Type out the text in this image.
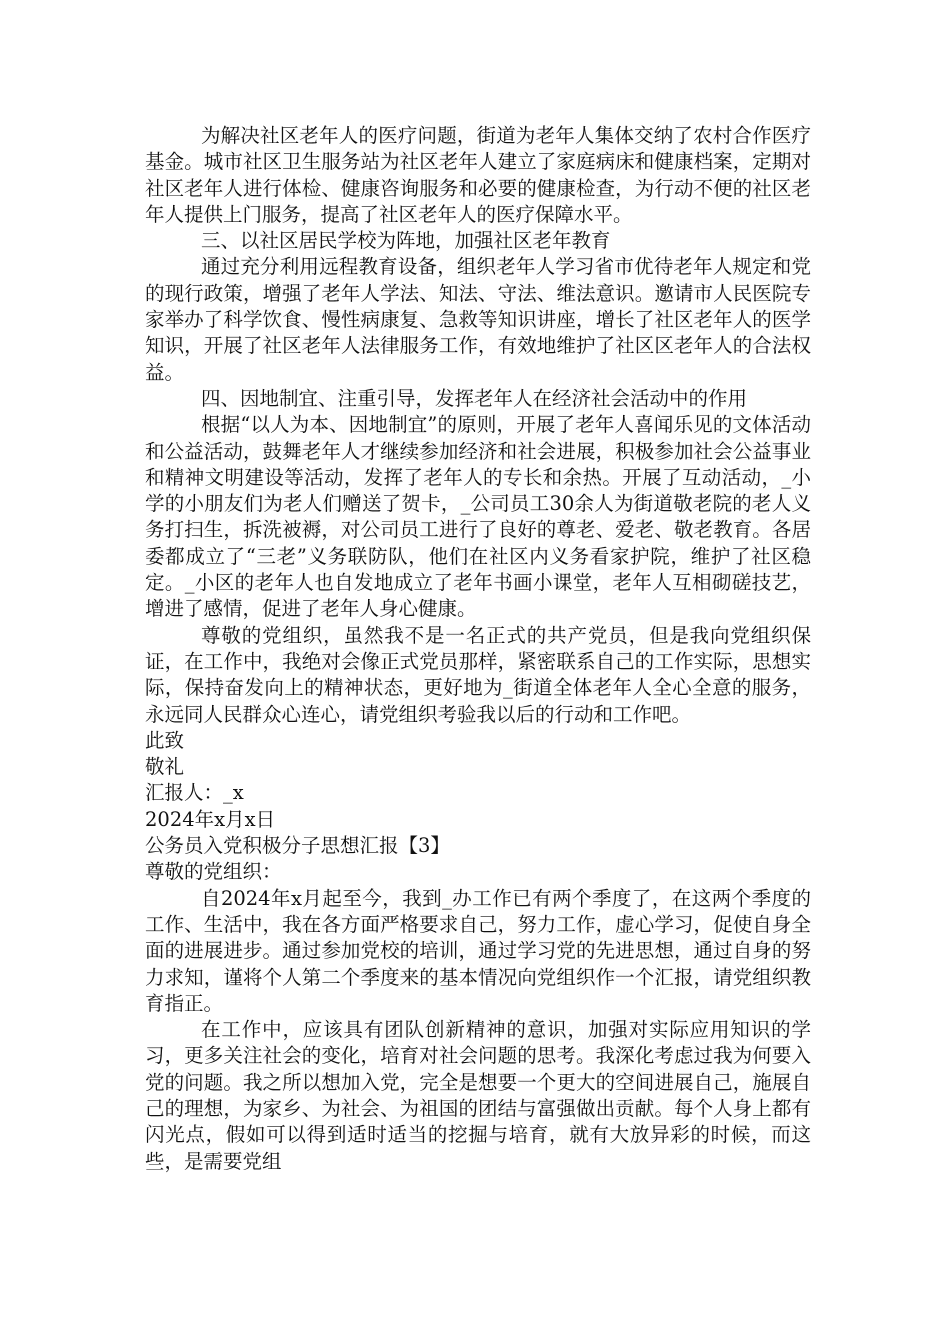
为解决社区老年人的医疗问题，街道为老年人集体交纳了农村合作医疗基金。城市社区卫生服务站为社区老年人建立了家庭病床和健康档案，定期对社区老年人进行体检、健康咨询服务和必要的健康检查，为行动不便的社区老年人提供上门服务，提高了社区老年人的医疗保障水平。

三、以社区居民学校为阵地，加强社区老年教育

通过充分利用远程教育设备，组织老年人学习省市优待老年人规定和党的现行政策，增强了老年人学法、知法、守法、维法意识。邀请市人民医院专家举办了科学饮食、慢性病康复、急救等知识讲座，增长了社区老年人的医学知识，开展了社区老年人法律服务工作，有效地维护了社区区老年人的合法权益。

四、因地制宜、注重引导，发挥老年人在经济社会活动中的作用

根据“以人为本、因地制宜”的原则，开展了老年人喜闻乐见的文体活动和公益活动，鼓舞老年人才继续参加经济和社会进展，积极参加社会公益事业和精神文明建设等活动，发挥了老年人的专长和余热。开展了互动活动，_小学的小朋友们为老人们赠送了贺卡，_公司员工30余人为街道敬老院的老人义务打扫生，拆洗被褥，对公司员工进行了良好的尊老、爱老、敬老教育。各居委都成立了“三老”义务联防队，他们在社区内义务看家护院，维护了社区稳定。_小区的老年人也自发地成立了老年书画小课堂，老年人互相砌磋技艺，增进了感情，促进了老年人身心健康。

尊敬的党组织，虽然我不是一名正式的共产党员，但是我向党组织保证，在工作中，我绝对会像正式党员那样，紧密联系自己的工作实际，思想实际，保持奋发向上的精神状态，更好地为_街道全体老年人全心全意的服务，永远同人民群众心连心，请党组织考验我以后的行动和工作吧。

此致

敬礼

汇报人：_x

2024年x月x日

公务员入党积极分子思想汇报【3】

尊敬的党组织：

自2024年x月起至今，我到_办工作已有两个季度了，在这两个季度的工作、生活中，我在各方面严格要求自己，努力工作，虚心学习，促使自身全面的进展进步。通过参加党校的培训，通过学习党的先进思想，通过自身的努力求知，谨将个人第二个季度来的基本情况向党组织作一个汇报，请党组织教育指正。

在工作中，应该具有团队创新精神的意识，加强对实际应用知识的学习，更多关注社会的变化，培育对社会问题的思考。我深化考虑过我为何要入党的问题。我之所以想加入党，完全是想要一个更大的空间进展自己，施展自己的理想，为家乡、为社会、为祖国的团结与富强做出贡献。每个人身上都有闪光点，假如可以得到适时适当的挖掘与培育，就有大放异彩的时候，而这些，是需要党组
